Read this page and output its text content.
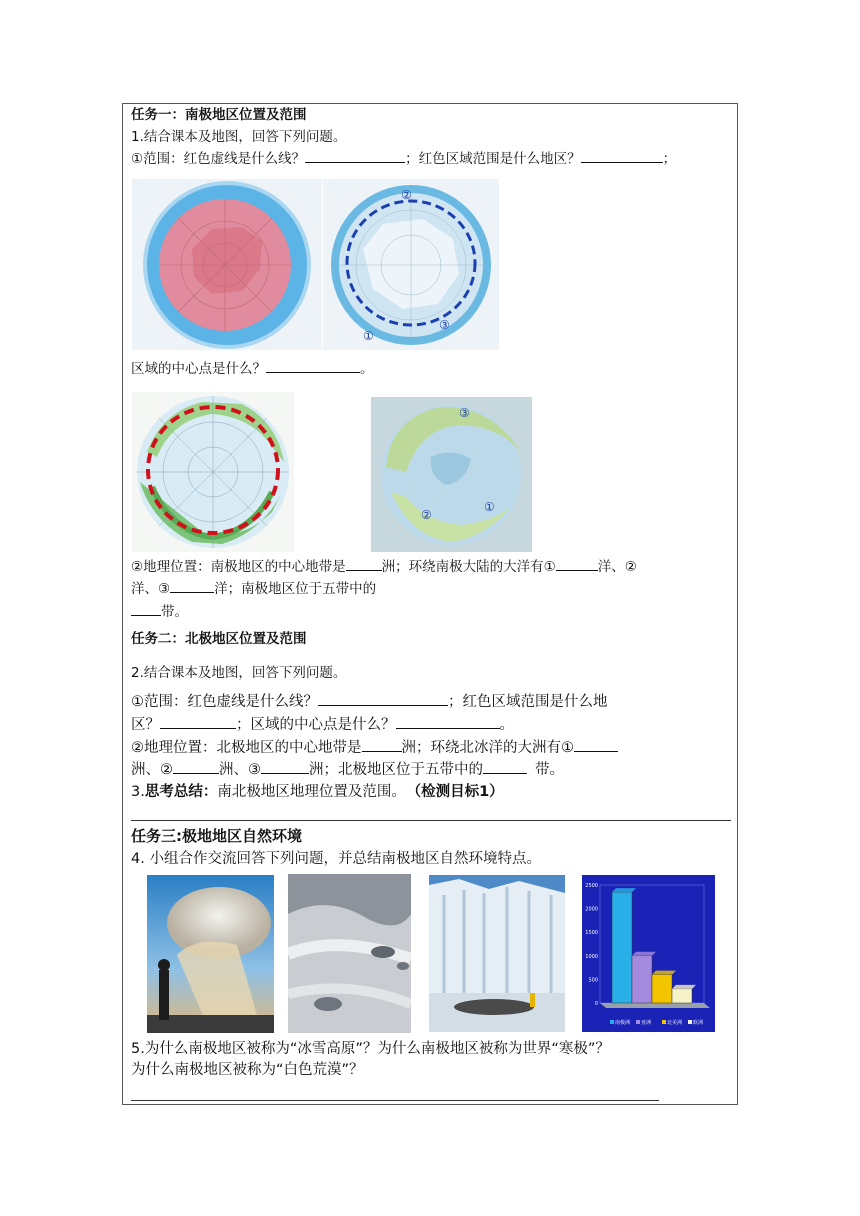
任务一：南极地区位置及范围
1.结合课本及地图，回答下列问题。
①范围：红色虚线是什么线？	；红色区域范围是什么地区？	；
②
③
①
区域的中心点是什么？	。
③
②
①
②地理位置：南极地区的中心地带是	洲；环绕南极大陆的大洋有①	洋、②
洋、③	洋；南极地区位于五带中的
带。
任务二：北极地区位置及范围
2.结合课本及地图，回答下列问题。
①范围：红色虚线是什么线？	；红色区域范围是什么地
区？	；区域的中心点是什么？	。
②地理位置：北极地区的中心地带是	洲；环绕北冰洋的大洲有①
洲、②	洲、③	洲；北极地区位于五带中的	带。
3.思考总结：南北极地区地理位置及范围。 （检测目标1）
任务三:极地地区自然环境
4. 小组合作交流回答下列问题，并总结南极地区自然环境特点。
2500
2000
1500
1000
500
0
南极洲 亚洲	北美洲 欧洲
5.为什么南极地区被称为“冰雪高原”？为什么南极地区被称为世界“寒极”？
为什么南极地区被称为“白色荒漠”？
